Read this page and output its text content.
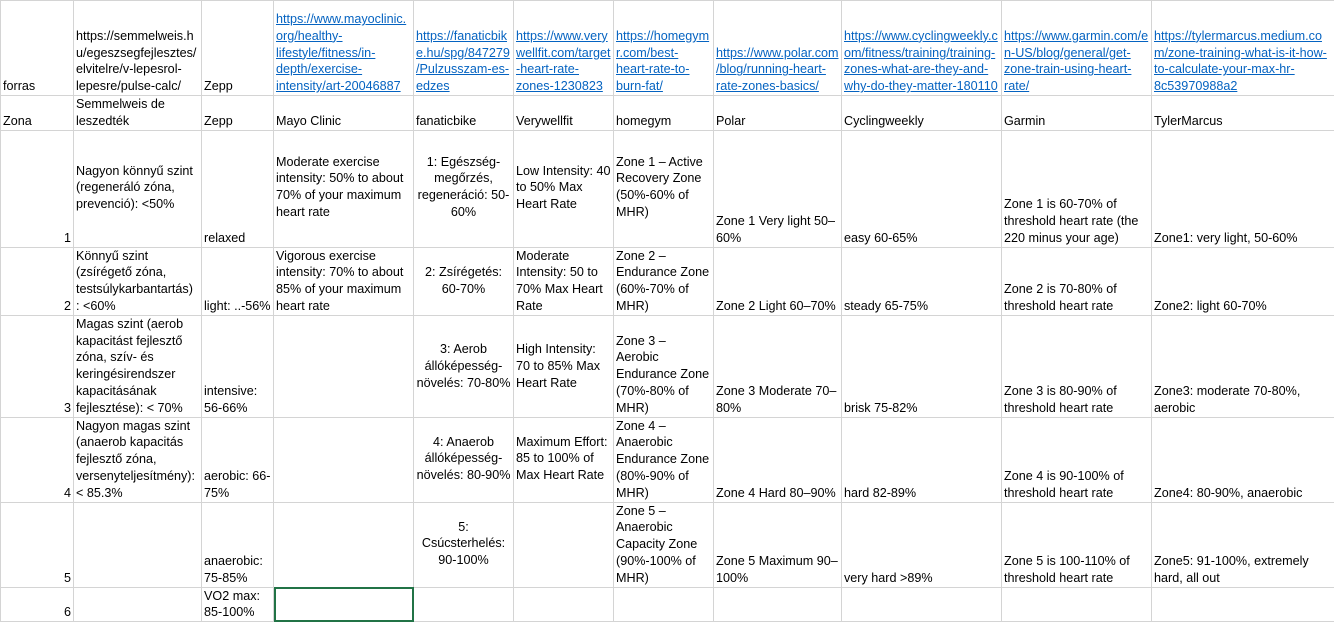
forras	https://semmelweis.hu/egeszsegfejlesztes/elvitelre/v-lepesrol-lepesre/pulse-calc/	Zepp	https://www.mayoclinic.org/healthy-lifestyle/fitness/in-depth/exercise-intensity/art-20046887	https://fanaticbike.hu/spg/847279/Pulzusszam-es-edzes	https://www.verywellfit.com/target-heart-rate-zones-1230823	https://homegymr.com/best-heart-rate-to-burn-fat/	https://www.polar.com/blog/running-heart-rate-zones-basics/	https://www.cyclingweekly.com/fitness/training/training-zones-what-are-they-and-why-do-they-matter-180110	https://www.garmin.com/en-US/blog/general/get-zone-train-using-heart-rate/	https://tylermarcus.medium.com/zone-training-what-is-it-how-to-calculate-your-max-hr-8c53970988a2
Zona	Semmelweis de leszedték	Zepp	Mayo Clinic	fanaticbike	Verywellfit	homegym	Polar	Cyclingweekly	Garmin	TylerMarcus
1	Nagyon könnyű szint (regeneráló zóna, prevenció): <50%	relaxed	Moderate exercise intensity: 50% to about 70% of your maximum heart rate	1: Egészség-megőrzés, regeneráció: 50-60%	Low Intensity: 40 to 50% Max Heart Rate	Zone 1 – Active Recovery Zone (50%-60% of MHR)	Zone 1 Very light 50–60%	easy 60-65%	Zone 1 is 60-70% of threshold heart rate (the 220 minus your age)	Zone1: very light, 50-60%
2	Könnyű szint (zsírégető zóna, testsúlykarbantartás) : <60%	light: ..-56%	Vigorous exercise intensity: 70% to about 85% of your maximum heart rate	2: Zsírégetés: 60-70%	Moderate Intensity: 50 to 70% Max Heart Rate	Zone 2 – Endurance Zone (60%-70% of MHR)	Zone 2 Light 60–70%	steady 65-75%	Zone 2 is 70-80% of threshold heart rate	Zone2: light 60-70%
3	Magas szint (aerob kapacitást fejlesztő zóna, szív- és keringésirendszer kapacitásának fejlesztése): < 70%	intensive: 56-66%		3: Aerob állóképesség-növelés: 70-80%	High Intensity: 70 to 85% Max Heart Rate	Zone 3 – Aerobic Endurance Zone (70%-80% of MHR)	Zone 3 Moderate 70–80%	brisk 75-82%	Zone 3 is 80-90% of threshold heart rate	Zone3: moderate 70-80%, aerobic
4	Nagyon magas szint (anaerob kapacitás fejlesztő zóna, versenyteljesítmény): < 85.3%	aerobic: 66-75%		4: Anaerob állóképesség-növelés: 80-90%	Maximum Effort: 85 to 100% of Max Heart Rate	Zone 4 – Anaerobic Endurance Zone (80%-90% of MHR)	Zone 4 Hard 80–90%	hard 82-89%	Zone 4 is 90-100% of threshold heart rate	Zone4: 80-90%, anaerobic
5		anaerobic: 75-85%		5: Csúcsterhelés: 90-100%		Zone 5 – Anaerobic Capacity Zone (90%-100% of MHR)	Zone 5 Maximum 90–100%	very hard >89%	Zone 5 is 100-110% of threshold heart rate	Zone5: 91-100%, extremely hard, all out
6		VO2 max: 85-100%								
